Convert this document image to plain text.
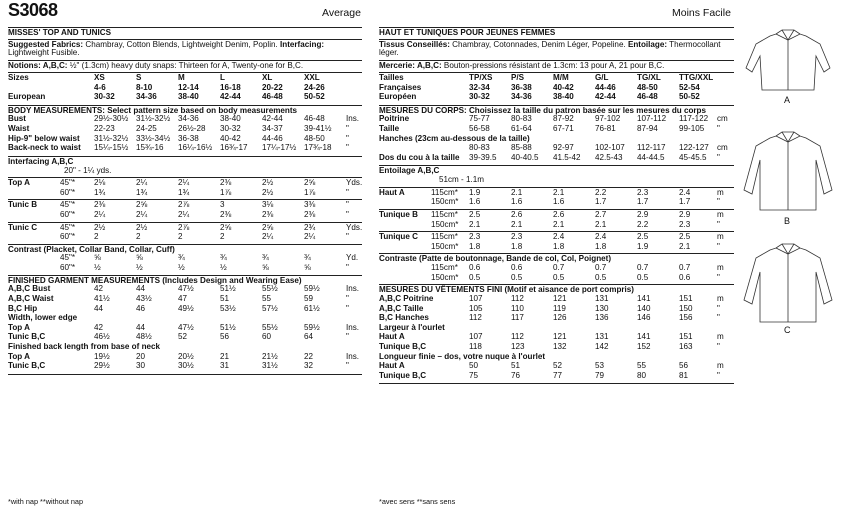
S3068	Average
MISSES' TOP AND TUNICS
Suggested Fabrics: Chambray, Cotton Blends, Lightweight Denim, Poplin. Interfacing:
Lightweight Fusible.
Notions: A,B,C: ½" (1.3cm) heavy duty snaps: Thirteen for A, Twenty-one for B,C.
Sizes	XS	S	M	L	XL	XXL
4-6	8-10	12-14	16-18	20-22	24-26
European	30-32	34-36	38-40	42-44	46-48	50-52
BODY MEASUREMENTS: Select pattern size based on body measurements
Bust	29½-30½ 31½-32½ 34-36	38-40	42-44	46-48	Ins.
Waist	22-23	24-25	26½-28 30-32	34-37	39-41½ "
Hip-9" below waist 31½-32½ 33½-34½ 36-38	40-42	44-46	48-50	"
Back-neck to waist 15¼-15½ 15¾-16 16¼-16½ 16¾-17 17¼-17½ 17¾-18 "
Interfacing A,B,C
20" - 1¼ yds.
Top A	45"* 2⅛	2¼	2¼	2⅜	2½	2⅝	Yds.
60"* 1¾	1¾	1¾	1⅞	2½	1⅞	"
Tunic B	45"* 2⅜	2⅝	2⅞	3	3⅛	3⅜	"
60"* 2¼	2¼	2¼	2⅜	2⅜	2⅜	"
Tunic C	45"* 2½	2½	2⅞	2⅝	2⅝	2¾	Yds.
60"* 2	2	2	2	2¼	2¼	"
Contrast (Placket, Collar Band, Collar, Cuff)
45"* ⅝	⅝	¾	¾	¾	¾	Yd.
60"* ½	½	½	½	⅝	⅝	"
FINISHED GARMENT MEASUREMENTS (Includes Design and Wearing Ease)
A,B,C Bust	42	44	47½	51½	55½	59½	Ins.
A,B,C Waist	41½	43½	47	51	55	59	"
B,C Hip	44	46	49½	53½	57½	61½	"
Width, lower edge
Top A	42	44	47½	51½	55½	59½	Ins.
Tunic B,C	46½	48½	52	56	60	64	"
Finished back length from base of neck
Top A	19½	20	20½	21	21½	22	Ins.
Tunic B,C	29½	30	30½	31	31½	32	"
*with nap **without nap
Moins Facile
HAUT ET TUNIQUES POUR JEUNES FEMMES
Tissus Conseillés: Chambray, Cotonnades, Denim Léger, Popeline. Entoilage: Thermocollant
léger.
Mercerie: A,B,C: Bouton-pressions résistant de 1.3cm: 13 pour A, 21 pour B,C.
Tailles	TP/XS P/S	M/M	G/L	TG/XL TTG/XXL
Françaises	32-34	36-38	40-42	44-46	48-50	52-54
Européen	30-32	34-36	38-40	42-44	46-48	50-52
MESURES DU CORPS: Choisissez la taille du patron basée sur les mesures du corps
Poitrine	75-77	80-83	87-92	97-102 107-112 117-122 cm
Taille	56-58	61-64	67-71	76-81	87-94	99-105 "
Hanches (23cm au-dessous de la taille)
80-83	85-88	92-97	102-107 112-117 122-127 cm
Dos du cou à la taille 39-39.5 40-40.5 41.5-42 42.5-43 44-44.5 45-45.5 "
Entoilage A,B,C
51cm - 1.1m
Haut A	115cm* 1.9	2.1	2.1	2.2	2.3	2.4	m
150cm* 1.6	1.6	1.6	1.7	1.7	1.7	"
Tunique B 115cm* 2.5	2.6	2.6	2.7	2.9	2.9	m
150cm* 2.1	2.1	2.1	2.1	2.2	2.3	"
Tunique C 115cm* 2.3	2.3	2.4	2.4	2.5	2.5	m
150cm* 1.8	1.8	1.8	1.8	1.9	2.1	"
Contraste (Patte de boutonnage, Bande de col, Col, Poignet)
115cm* 0.6	0.6	0.7	0.7	0.7	0.7	m
150cm* 0.5	0.5	0.5	0.5	0.5	0.6	"
MESURES DU VÊTEMENTS FINI (Motif et aisance de port compris)
A,B,C Poitrine	107	112	121	131	141	151	m
A,B,C Taille	105	110	119	130	140	150	"
B,C Hanches	112	117	126	136	146	156	"
Largeur à l'ourlet
Haut A	107	112	121	131	141	151	m
Tunique B,C	118	123	132	142	152	163	"
Longueur finie – dos, votre nuque à l'ourlet
Haut A	50	51	52	53	55	56	m
Tunique B,C	75	76	77	79	80	81	"
*avec sens **sans sens
A
B
C
